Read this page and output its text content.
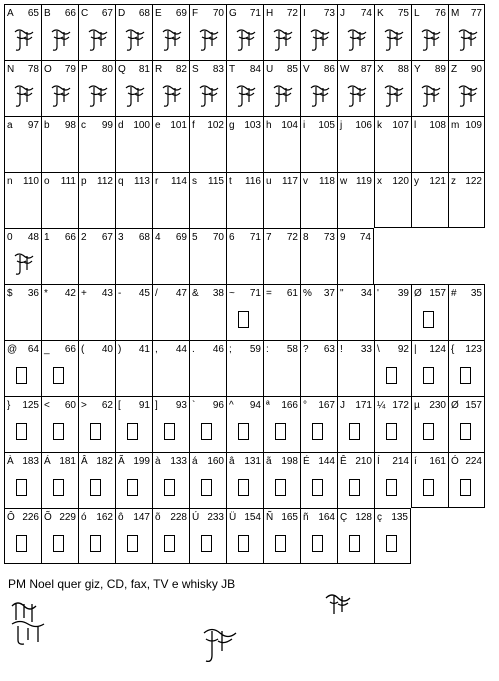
A 65 B 66 C 67 D 68 E 69 F 70 G 71 H 72 I 73 J 74 K 75 L 76 M 77
N 78 O 79 P 80 Q 81 R 82 S 83 T 84 U 85 V 86 W 87 X 88 Y 89 Z 90
a 97 b 98 c 99 d 100 e 101 f 102 g 103 h 104 i 105 j 106 k 107 l 108 m 109
n 110 o 111 p 112 q 113 r 114 s 115 t 116 u 117 v 118 w 119 x 120 y 121 z 122
0 48 1 66 2 67 3 68 4 69 5 70 6 71 7 72 8 73 9 74
$ 36 * 42 + 43 - 45 / 47 & 38 ~ 71 = 61 % 37 " 34 ' 39 Ø 157 # 35
@ 64 _ 66 ( 40 ) 41 , 44 . 46 ; 59 : 58 ? 63 ! 33 \ 92 | 124 { 123
} 125 < 60 > 62 [ 91 ] 93 ` 96 ^ 94 ª 166 ° 167 J 171 ¼ 172 µ 230 Ø 157
À 183 Á 181 Â 182 Ã 199 à 133 á 160 â 131 ã 198 É 144 Ê 210 Í 214 í 161 Ó 224
Ô 226 Õ 229 ó 162 ô 147 õ 228 Ú 233 Ü 154 Ñ 165 ñ 164 Ç 128 ç 135
PM Noel quer giz, CD, fax, TV e whisky JB
